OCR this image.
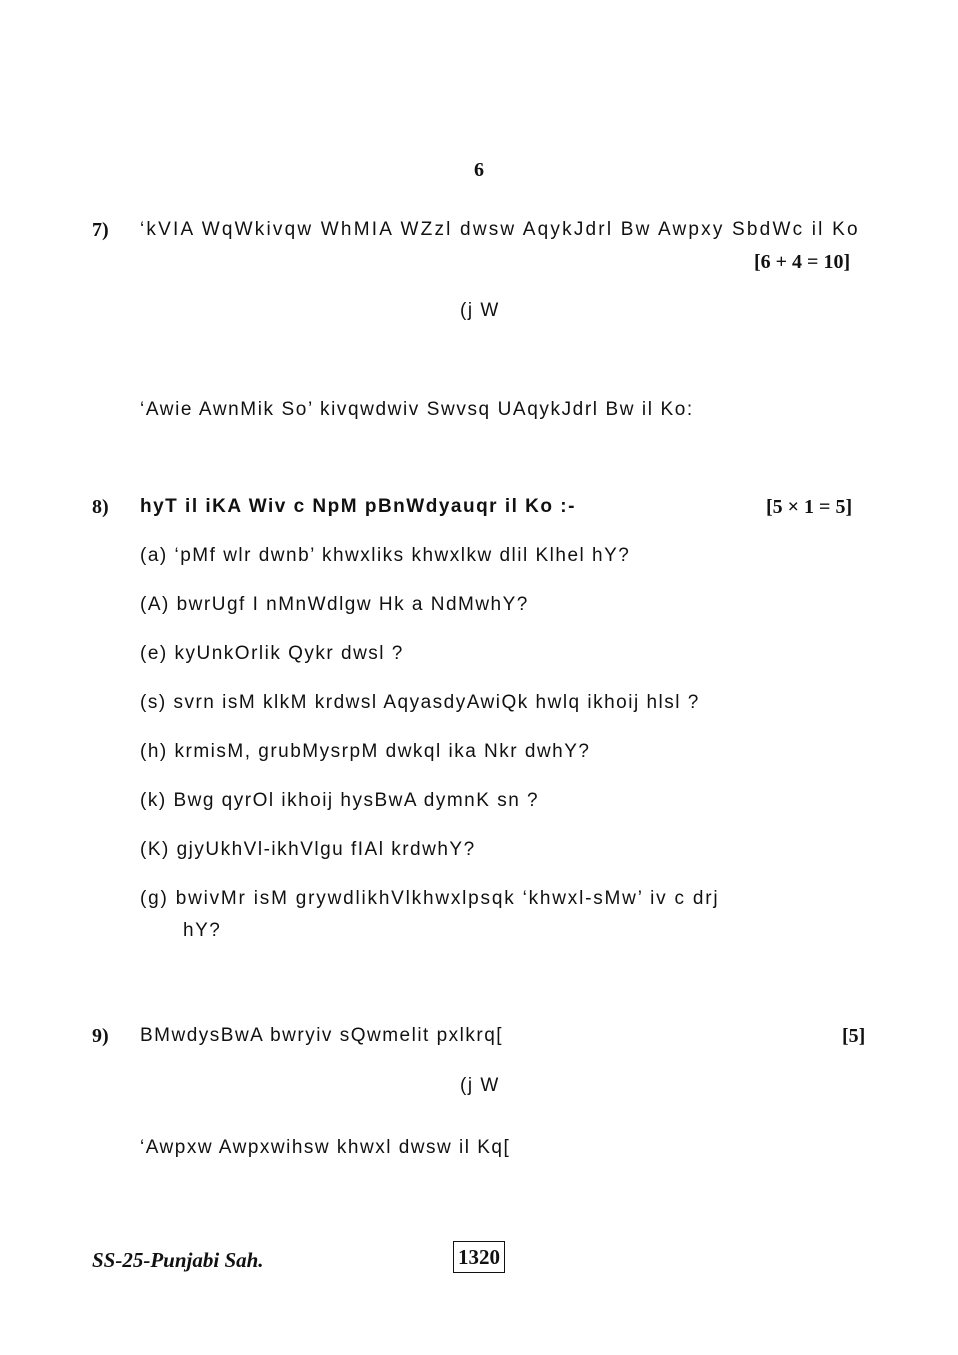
6
7) ‘kVIA WqWkivqw WhMIA WZzl dwsw AqykJdrl Bw Awpxy SbdWc il Ko
[6 + 4 = 10]
(j W
‘Awie AwnMik So’ kivqwdwiv Swvsq UAqykJdrl Bw il Ko:
8) hyT il iKA Wiv c NpM pBnWdyauqr il Ko :-	[5 × 1 = 5]
(a) ‘pMf wlr dwnb’ khwxliks khwxlkw dlil Klhel hY?
(A) bwrUgf I nMnWdlgw Hk a NdMwhY?
(e) kyUnkOrlik Qykr dwsl ?
(s) svrn isM klkM krdwsl AqyasdyAwiQk hwlq ikhoij hlsl ?
(h) krmisM, grubMysrpM dwkql ika Nkr dwhY?
(k) Bwg qyrOl ikhoij hysBwA dymnK sn ?
(K) gjyUkhVl-ikhVlgu fIAl krdwhY?
(g) bwivMr isM grywdlikhVlkhwxlpsqk ‘khwxl-sMw’ iv c drj
hY?
9) BMwdysBwA bwryiv sQwmelit pxlkrq[	[5]
(j W
‘Awpxw Awpxwihsw khwxl dwsw il Kq[
SS-25-Punjabi Sah.	1320
